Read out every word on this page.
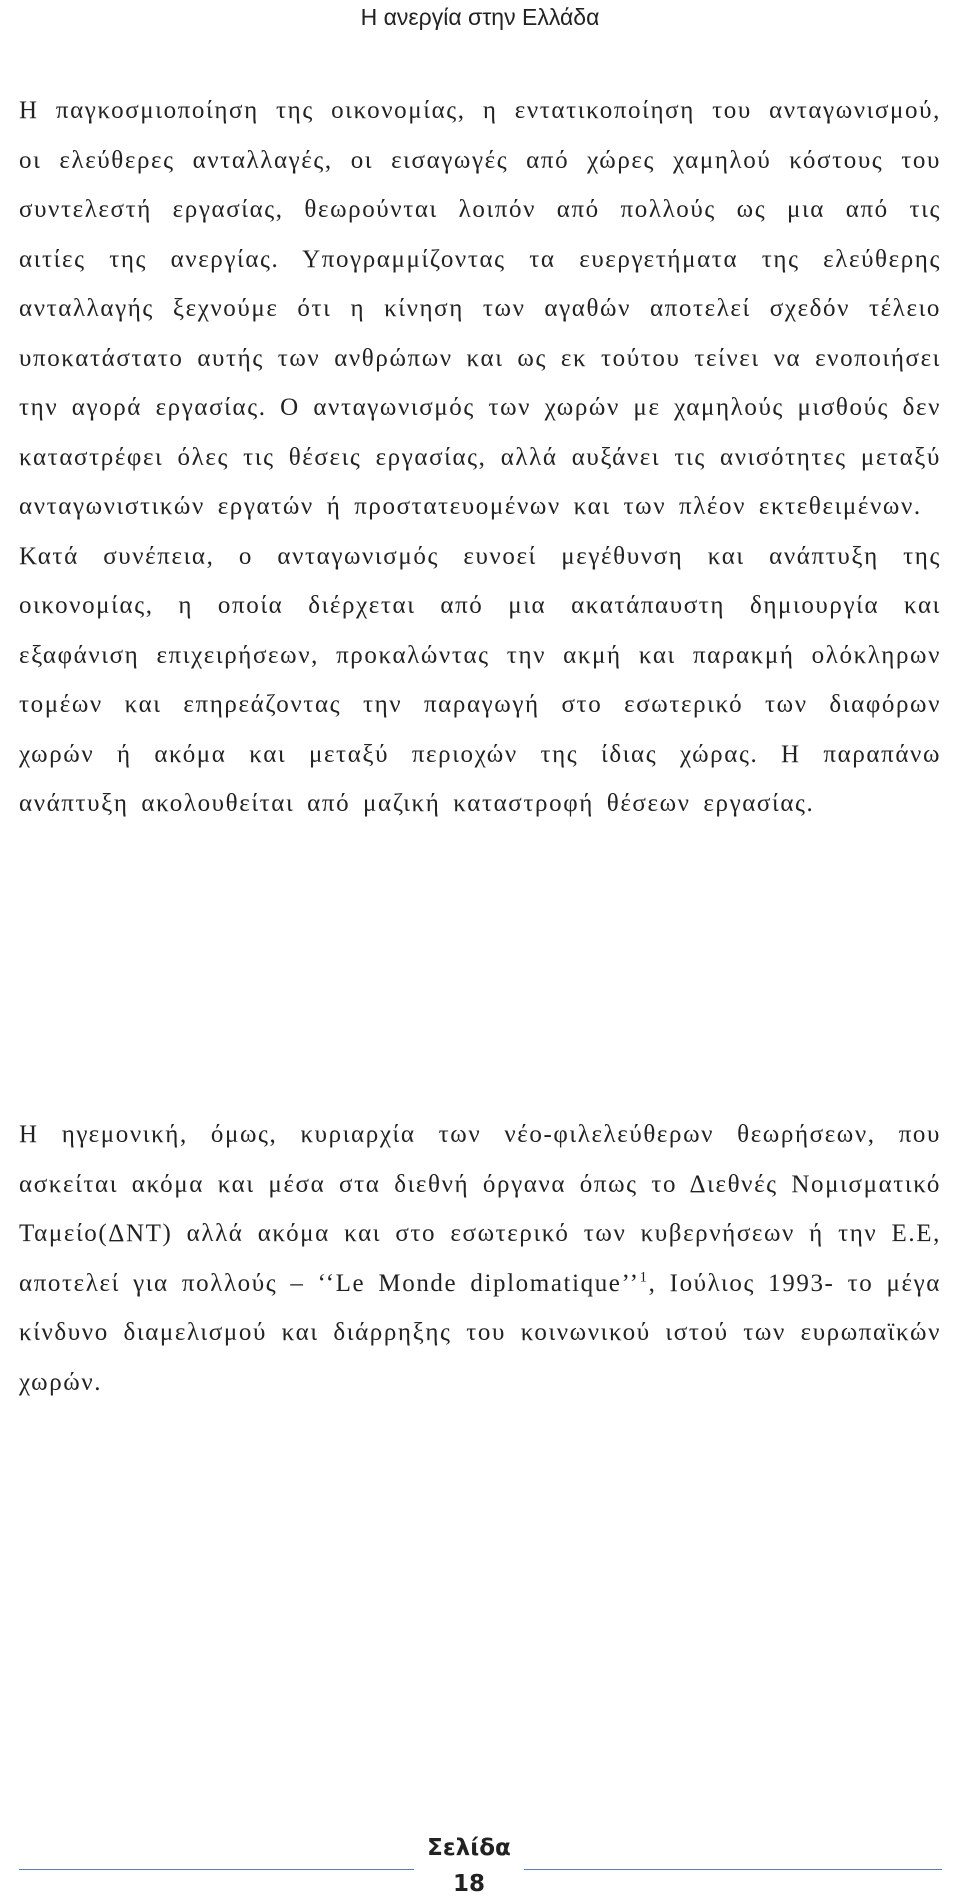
Η ανεργία στην Ελλάδα

Η παγκοσμιοποίηση της οικονομίας, η εντατικοποίηση του ανταγωνισμού, οι ελεύθερες ανταλλαγές, οι εισαγωγές από χώρες χαμηλού κόστους του συντελεστή εργασίας, θεωρούνται λοιπόν από πολλούς ως μια από τις αιτίες της ανεργίας. Υπογραμμίζοντας τα ευεργετήματα της ελεύθερης ανταλλαγής ξεχνούμε ότι η κίνηση των αγαθών αποτελεί σχεδόν τέλειο υποκατάστατο αυτής των ανθρώπων και ως εκ τούτου τείνει να ενοποιήσει την αγορά εργασίας. Ο ανταγωνισμός των χωρών με χαμηλούς μισθούς δεν καταστρέφει όλες τις θέσεις εργασίας, αλλά αυξάνει τις ανισότητες μεταξύ ανταγωνιστικών εργατών ή προστατευομένων και των πλέον εκτεθειμένων.
Κατά συνέπεια, ο ανταγωνισμός ευνοεί μεγέθυνση και ανάπτυξη της οικονομίας, η οποία διέρχεται από μια ακατάπαυστη δημιουργία και εξαφάνιση επιχειρήσεων, προκαλώντας την ακμή και παρακμή ολόκληρων τομέων και επηρεάζοντας την παραγωγή στο εσωτερικό των διαφόρων χωρών ή ακόμα και μεταξύ περιοχών της ίδιας χώρας. Η παραπάνω ανάπτυξη ακολουθείται από μαζική καταστροφή θέσεων εργασίας.

Η ηγεμονική, όμως, κυριαρχία των νέο-φιλελεύθερων θεωρήσεων, που ασκείται ακόμα και μέσα στα διεθνή όργανα όπως το Διεθνές Νομισματικό Ταμείο(ΔΝΤ) αλλά ακόμα και στο εσωτερικό των κυβερνήσεων ή την Ε.Ε, αποτελεί για πολλούς – ‘‘Le Monde diplomatique’’$^1$, Ιούλιος 1993- το μέγα κίνδυνο διαμελισμού και διάρρηξης του κοινωνικού ιστού των ευρωπαϊκών χωρών.

Σελίδα
18
